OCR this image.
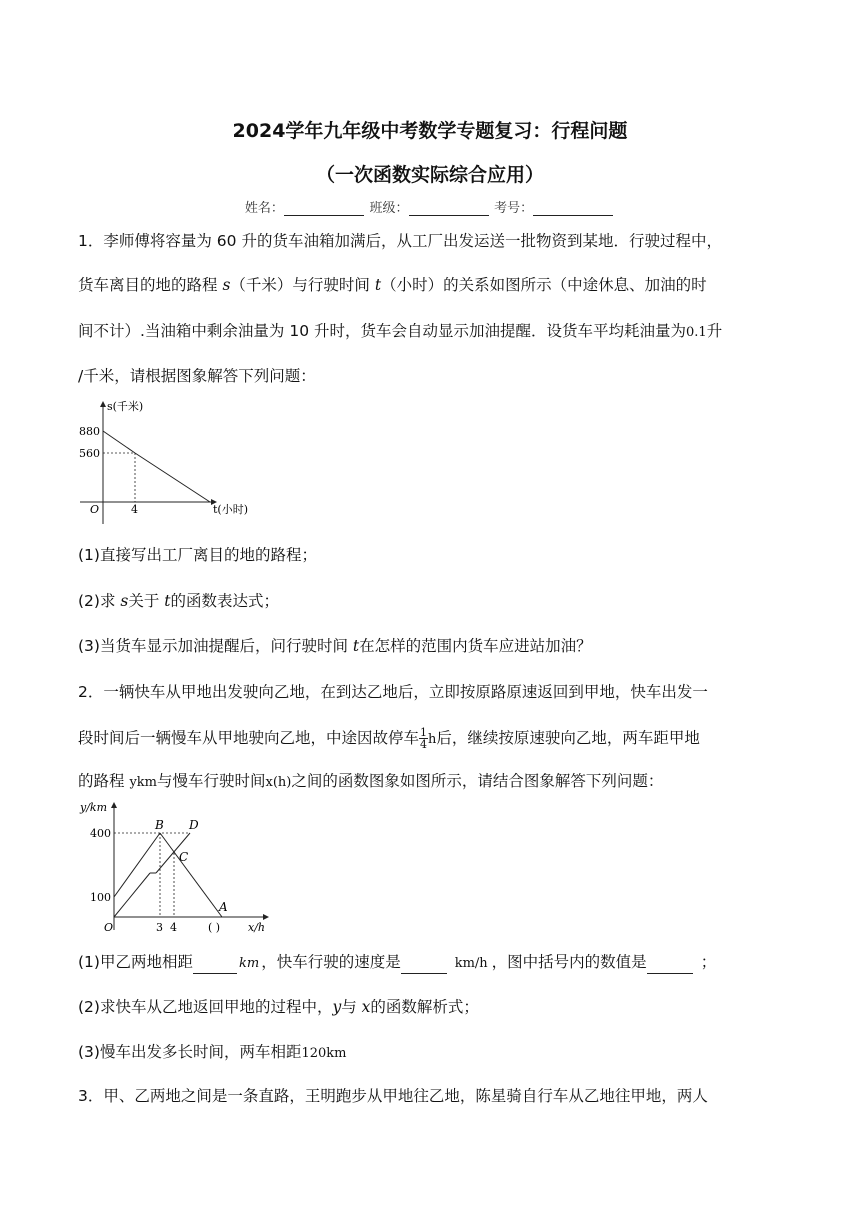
2024学年九年级中考数学专题复习：行程问题
（一次函数实际综合应用）
姓名：	班级：	考号：
1．李师傅将容量为 60 升的货车油箱加满后，从工厂出发运送一批物资到某地．行驶过程中，
货车离目的地的路程 s（千米）与行驶时间 t（小时）的关系如图所示（中途休息、加油的时
间不计）.当油箱中剩余油量为 10 升时，货车会自动显示加油提醒．设货车平均耗油量为0.1升
/千米，请根据图象解答下列问题：
s(千米)
880
560
O	4	t(小时)
(1)直接写出工厂离目的地的路程；
(2)求 s关于 t的函数表达式；
(3)当货车显示加油提醒后，问行驶时间 t在怎样的范围内货车应进站加油？
2．一辆快车从甲地出发驶向乙地，在到达乙地后，立即按原路原速返回到甲地，快车出发一
段时间后一辆慢车从甲地驶向乙地，中途因故停车 $\frac{1}{4}$ h后，继续按原速驶向乙地，两车距甲地
的路程 ykm与慢车行驶时间x(h)之间的函数图象如图所示，请结合图象解答下列问题：
y/km
400
100
O	3 4	( )	x/h
B D
C
A
(1)甲乙两地相距	km ，快车行驶的速度是	km/h ，图中括号内的数值是	；
(2)求快车从乙地返回甲地的过程中，y与 x的函数解析式；
(3)慢车出发多长时间，两车相距120km
3．甲、乙两地之间是一条直路，王明跑步从甲地往乙地，陈星骑自行车从乙地往甲地，两人
